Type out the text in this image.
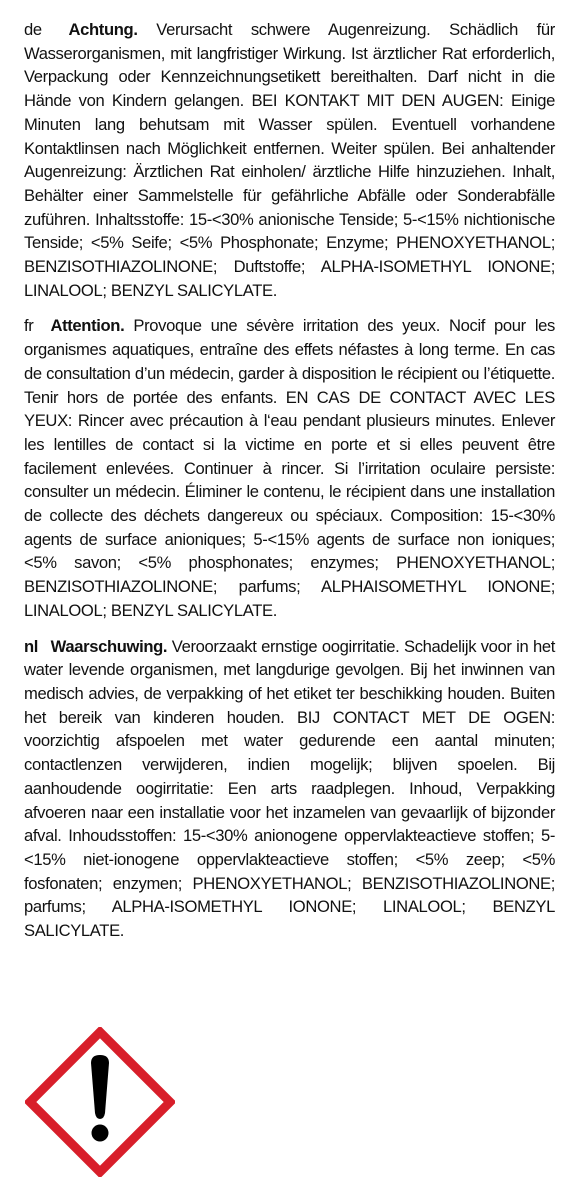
de Achtung. Verursacht schwere Augenreizung. Schädlich für Wasserorganismen, mit langfristiger Wirkung. Ist ärztlicher Rat erforderlich, Verpackung oder Kennzeichnungsetikett bereithalten. Darf nicht in die Hände von Kindern gelangen. BEI KONTAKT MIT DEN AUGEN: Einige Minuten lang behutsam mit Wasser spülen. Eventuell vorhandene Kontaktlinsen nach Möglichkeit entfernen. Weiter spülen. Bei anhaltender Augenreizung: Ärztlichen Rat einholen/ ärztliche Hilfe hinzuziehen. Inhalt, Behälter einer Sammelstelle für gefährliche Abfälle oder Sonderabfälle zuführen. Inhaltsstoffe: 15-<30% anionische Tenside; 5-<15% nichtionische Tenside; <5% Seife; <5% Phosphonate; Enzyme; PHENOXYETHANOL; BENZISOTHIAZOLINONE; Duftstoffe; ALPHA-ISOMETHYL IONONE; LINALOOL; BENZYL SALICYLATE.

fr Attention. Provoque une sévère irritation des yeux. Nocif pour les organismes aquatiques, entraîne des effets néfastes à long terme. En cas de consultation d’un médecin, garder à disposition le récipient ou l’étiquette. Tenir hors de portée des enfants. EN CAS DE CONTACT AVEC LES YEUX: Rincer avec précaution à l‘eau pendant plusieurs minutes. Enlever les lentilles de contact si la victime en porte et si elles peuvent être facilement enlevées. Continuer à rincer. Si l’irritation oculaire persiste: consulter un médecin. Éliminer le contenu, le récipient dans une installation de collecte des déchets dangereux ou spéciaux. Composition: 15-<30% agents de surface anioniques; 5-<15% agents de surface non ioniques; <5% savon; <5% phosphonates; enzymes; PHENOXYETHANOL; BENZISOTHIAZOLINONE; parfums; ALPHAISOMETHYL IONONE; LINALOOL; BENZYL SALICYLATE.

nl Waarschuwing. Veroorzaakt ernstige oogirritatie. Schadelijk voor in het water levende organismen, met langdurige gevolgen. Bij het inwinnen van medisch advies, de verpakking of het etiket ter beschikking houden. Buiten het bereik van kinderen houden. BIJ CONTACT MET DE OGEN: voorzichtig afspoelen met water gedurende een aantal minuten; contactlenzen verwijderen, indien mogelijk; blijven spoelen. Bij aanhoudende oogirritatie: Een arts raadplegen. Inhoud, Verpakking afvoeren naar een installatie voor het inzamelen van gevaarlijk of bijzonder afval. Inhoudsstoffen: 15-<30% anionogene oppervlakteactieve stoffen; 5-<15% niet-ionogene oppervlakteactieve stoffen; <5% zeep; <5% fosfonaten; enzymen; PHENOXYETHANOL; BENZISOTHIAZOLINONE; parfums; ALPHA-ISOMETHYL IONONE; LINALOOL; BENZYL SALICYLATE.
